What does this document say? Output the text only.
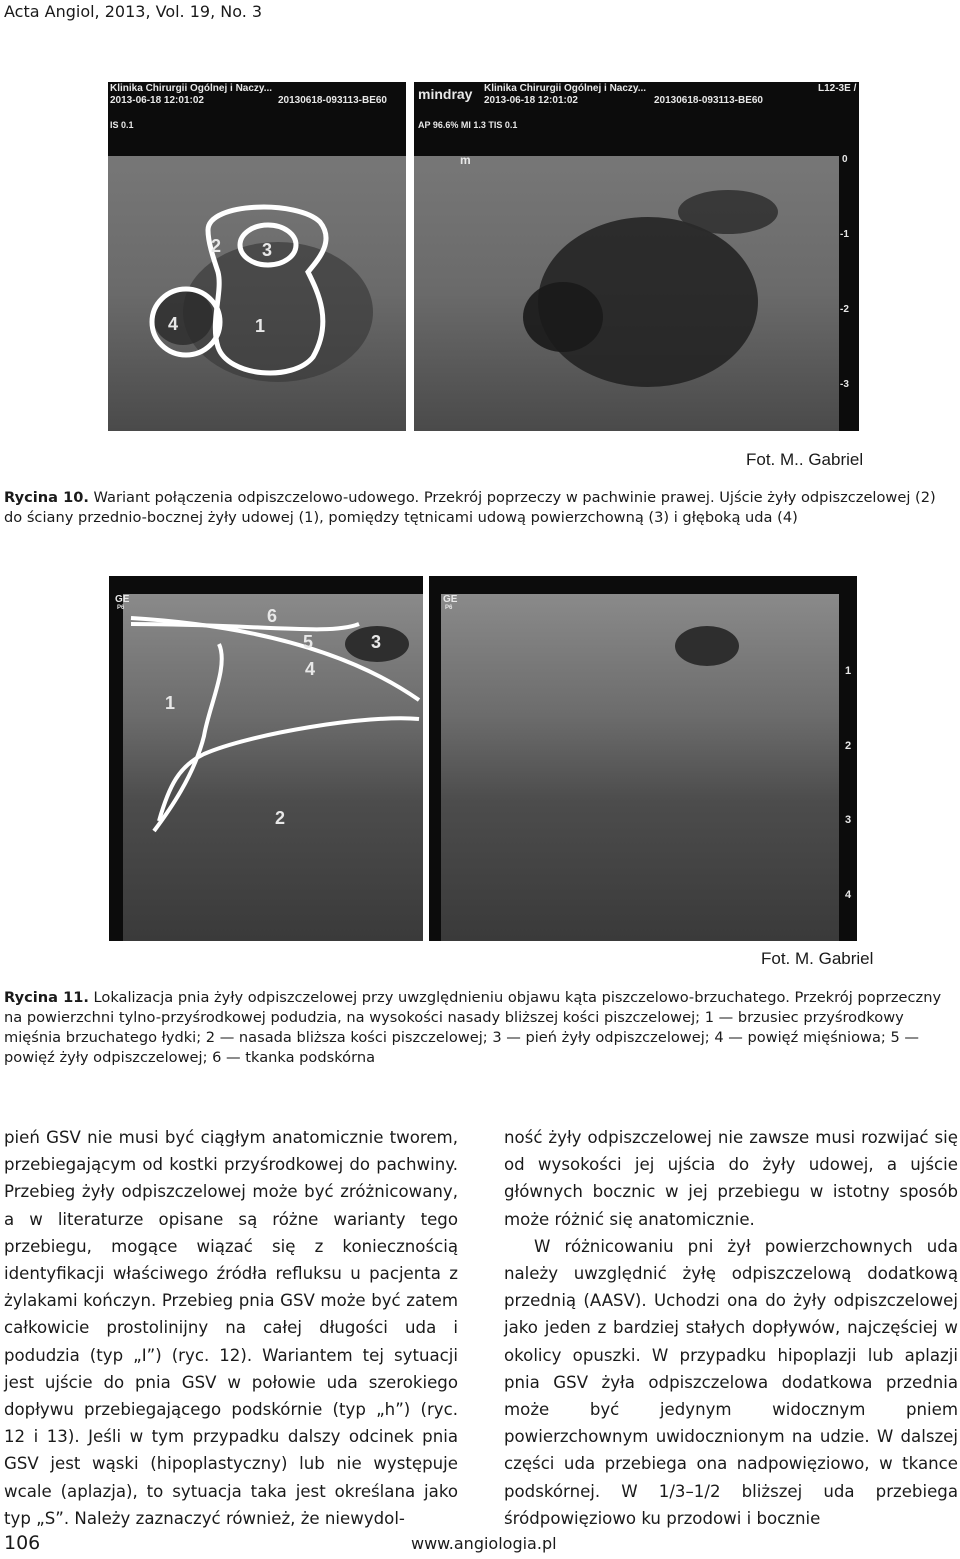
Acta Angiol, 2013, Vol. 19, No. 3
2 3
4	1
Klinika Chirurgii Ogólnej i Naczy...
2013-06-18 12:01:02	20130618-093113-BE60
IS 0.1
mindray Klinika Chirurgii Ogólnej i Naczy...
2013-06-18 12:01:02	20130618-093113-BE60
L12-3E /
AP 96.6% MI 1.3 TIS 0.1
m	0
-1
-2
-3
Fot. M.. Gabriel
Rycina 10. Wariant połączenia odpiszczelowo-udowego. Przekrój poprzeczy w pachwinie prawej. Ujście żyły odpiszczelowej (2) do ściany przednio-bocznej żyły udowej (1), pomiędzy tętnicami udową powierzchowną (3) i głęboką uda (4)
6
5	3
4
1
2
GE
P6
GE
P6
1
2
3
4
Fot. M. Gabriel
Rycina 11. Lokalizacja pnia żyły odpiszczelowej przy uwzględnieniu objawu kąta piszczelowo-brzuchatego. Przekrój poprzeczny na powierzchni tylno-przyśrodkowej podudzia, na wysokości nasady bliższej kości piszczelowej; 1 — brzusiec przyśrodkowy mięśnia brzuchatego łydki; 2 — nasada bliższa kości piszczelowej; 3 — pień żyły odpiszczelowej; 4 — powięź mięśniowa; 5 — powięź żyły odpiszczelowej; 6 — tkanka podskórna

pień GSV nie musi być ciągłym anatomicznie tworem, przebiegającym od kostki przyśrodkowej do pachwiny. Przebieg żyły odpiszczelowej może być zróżnicowany, a w literaturze opisane są różne warianty tego przebiegu, mogące wiązać się z koniecznością identyfikacji właściwego źródła refluksu u pacjenta z żylakami kończyn. Przebieg pnia GSV może być zatem całkowicie prostolinijny na całej długości uda i podudzia (typ „I”) (ryc. 12). Wariantem tej sytuacji jest ujście do pnia GSV w połowie uda szerokiego dopływu przebiegającego podskórnie (typ „h”) (ryc. 12 i 13). Jeśli w tym przypadku dalszy odcinek pnia GSV jest wąski (hipoplastyczny) lub nie występuje wcale (aplazja), to sytuacja taka jest określana jako typ „S”. Należy zaznaczyć również, że niewydol-

ność żyły odpiszczelowej nie zawsze musi rozwijać się od wysokości jej ujścia do żyły udowej, a ujście głównych bocznic w jej przebiegu w istotny sposób może różnić się anatomicznie.

W różnicowaniu pni żył powierzchownych uda należy uwzględnić żyłę odpiszczelową dodatkową przednią (AASV). Uchodzi ona do żyły odpiszczelowej jako jeden z bardziej stałych dopływów, najczęściej w okolicy opuszki. W przypadku hipoplazji lub aplazji pnia GSV żyła odpiszczelowa dodatkowa przednia może być jedynym widocznym pniem powierzchownym uwidocznionym na udzie. W dalszej części uda przebiega ona nadpowięziowo, w tkance podskórnej. W 1/3–1/2 bliższej uda przebiega śródpowięziowo ku przodowi i bocznie

106	www.angiologia.pl
